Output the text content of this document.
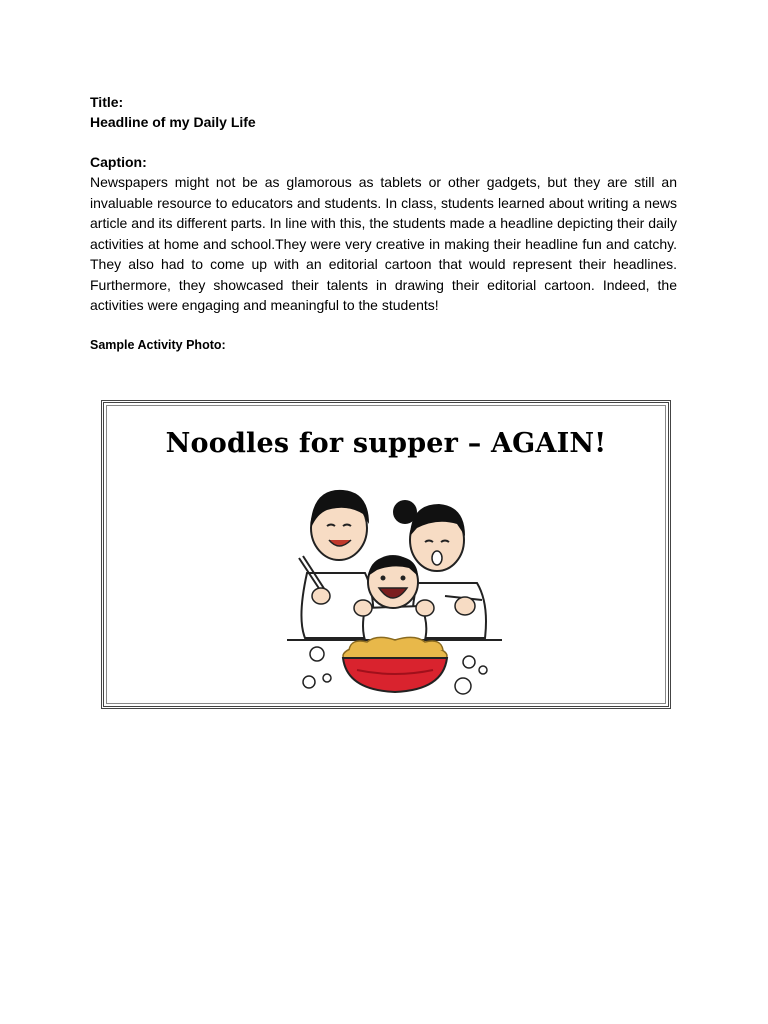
Title:
Headline of my Daily Life
Caption:

Newspapers might not be as glamorous as tablets or other gadgets, but they are still an invaluable resource to educators and students. In class, students learned about writing a news article and its different parts. In line with this, the students made a headline depicting their daily activities at home and school.They were very creative in making their headline fun and catchy. They also had to come up with an editorial cartoon that would represent their headlines. Furthermore, they showcased their talents in drawing their editorial cartoon. Indeed, the activities were engaging and meaningful to the students!

Sample Activity Photo:
Noodles for supper – AGAIN!
